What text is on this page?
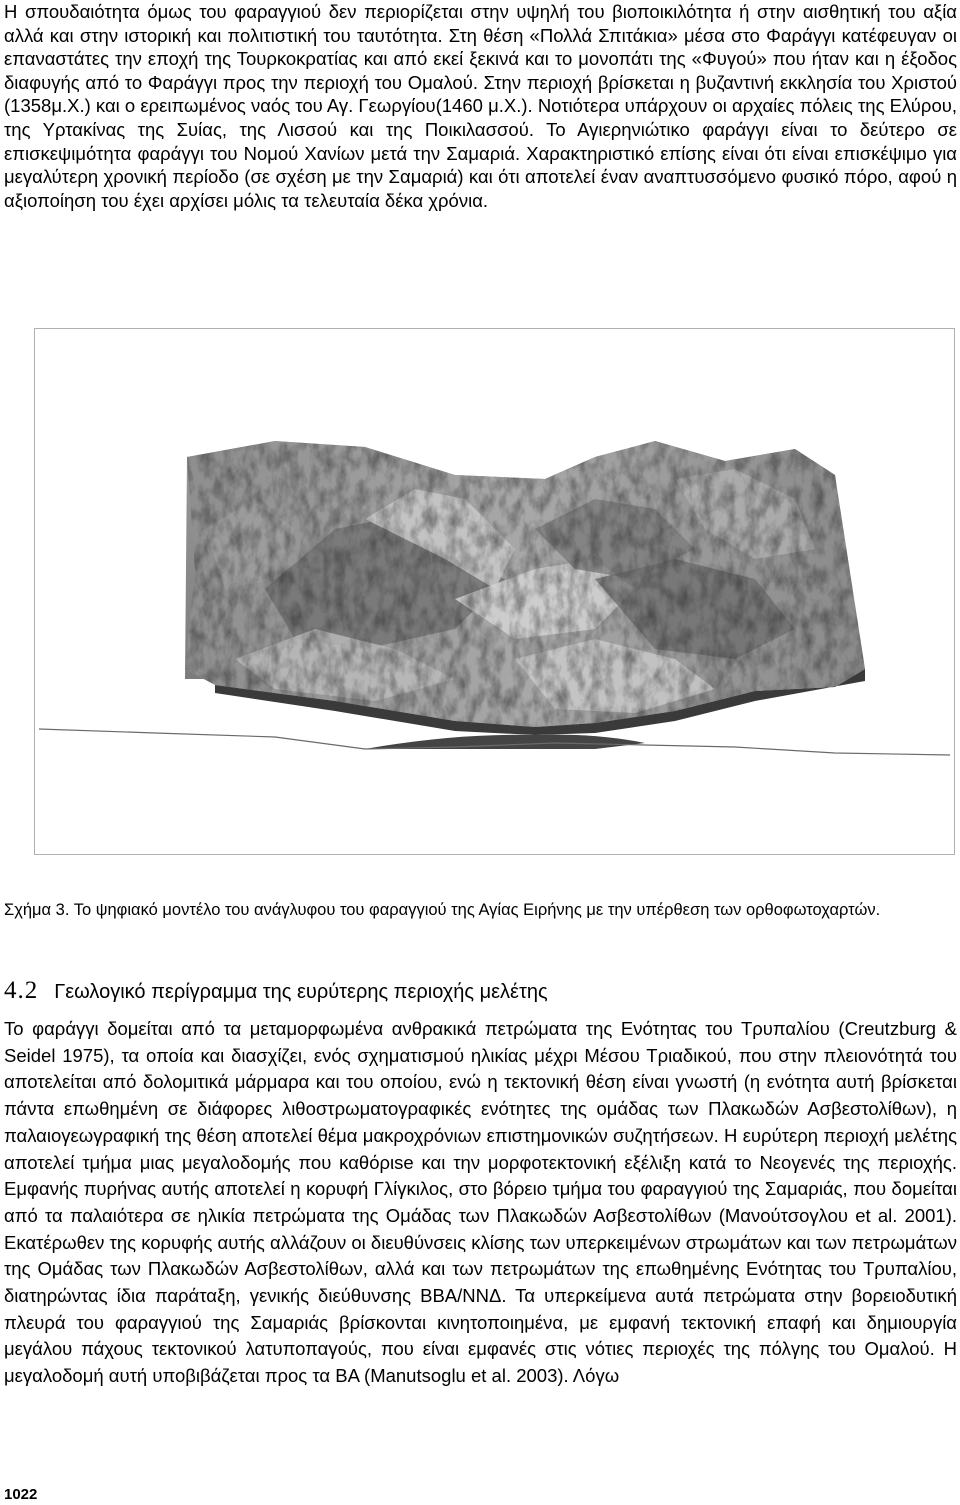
Η σπουδαιότητα όμως του φαραγγιού δεν περιορίζεται στην υψηλή του βιοποικιλότητα ή στην αισθητική του αξία αλλά και στην ιστορική και πολιτιστική του ταυτότητα. Στη θέση «Πολλά Σπιτάκια» μέσα στο Φαράγγι κατέφευγαν οι επαναστάτες την εποχή της Τουρκοκρατίας και από εκεί ξεκινά και το μονοπάτι της «Φυγού» που ήταν και η έξοδος διαφυγής από το Φαράγγι προς την περιοχή του Ομαλού. Στην περιοχή βρίσκεται η βυζαντινή εκκλησία του Χριστού (1358μ.Χ.) και ο ερειπωμένος ναός του Αγ. Γεωργίου(1460 μ.Χ.). Νοτιότερα υπάρχουν οι αρχαίες πόλεις της Ελύρου, της Υρτακίνας της Συίας, της Λισσού και της Ποικιλασσού. Το Αγιερηνιώτικο φαράγγι είναι το δεύτερο σε επισκεψιμότητα φαράγγι του Νομού Χανίων μετά την Σαμαριά. Χαρακτηριστικό επίσης είναι ότι είναι επισκέψιμο για μεγαλύτερη χρονική περίοδο (σε σχέση με την Σαμαριά) και ότι αποτελεί έναν αναπτυσσόμενο φυσικό πόρο, αφού η αξιοποίηση του έχει αρχίσει μόλις τα τελευταία δέκα χρόνια.

Σχήμα 3. Το ψηφιακό μοντέλο του ανάγλυφου του φαραγγιού της Αγίας Ειρήνης με την υπέρθεση των ορθοφωτοχαρτών.

4.2 Γεωλογικό περίγραμμα της ευρύτερης περιοχής μελέτης

Το φαράγγι δομείται από τα μεταμορφωμένα ανθρακικά πετρώματα της Ενότητας του Τρυπαλίου (Creutzburg & Seidel 1975), τα οποία και διασχίζει, ενός σχηματισμού ηλικίας μέχρι Μέσου Τριαδικού, που στην πλειονότητά του αποτελείται από δολομιτικά μάρμαρα και του οποίου, ενώ η τεκτονική θέση είναι γνωστή (η ενότητα αυτή βρίσκεται πάντα επωθημένη σε διάφορες λιθοστρωματογραφικές ενότητες της ομάδας των Πλακωδών Ασβεστολίθων), η παλαιογεωγραφική της θέση αποτελεί θέμα μακροχρόνιων επιστημονικών συζητήσεων. Η ευρύτερη περιοχή μελέτης αποτελεί τμήμα μιας μεγαλοδομής που καθόριse και την μορφοτεκτονική εξέλιξη κατά το Νεογενές της περιοχής. Εμφανής πυρήνας αυτής αποτελεί η κορυφή Γλίγκιλος, στο βόρειο τμήμα του φαραγγιού της Σαμαριάς, που δομείται από τα παλαιότερα σε ηλικία πετρώματα της Ομάδας των Πλακωδών Ασβεστολίθων (Μανούτσογλου et al. 2001). Εκατέρωθεν της κορυφής αυτής αλλάζουν οι διευθύνσεις κλίσης των υπερκειμένων στρωμάτων και των πετρωμάτων της Ομάδας των Πλακωδών Ασβεστολίθων, αλλά και των πετρωμάτων της επωθημένης Ενότητας του Τρυπαλίου, διατηρώντας ίδια παράταξη, γενικής διεύθυνσης ΒΒΑ/ΝΝΔ. Τα υπερκείμενα αυτά πετρώματα στην βορειοδυτική πλευρά του φαραγγιού της Σαμαριάς βρίσκονται κινητοποιημένα, με εμφανή τεκτονική επαφή και δημιουργία μεγάλου πάχους τεκτονικού λατυποπαγούς, που είναι εμφανές στις νότιες περιοχές της πόλγης του Ομαλού. Η μεγαλοδομή αυτή υποβιβάζεται προς τα ΒΑ (Manutsoglu et al. 2003). Λόγω

1022
